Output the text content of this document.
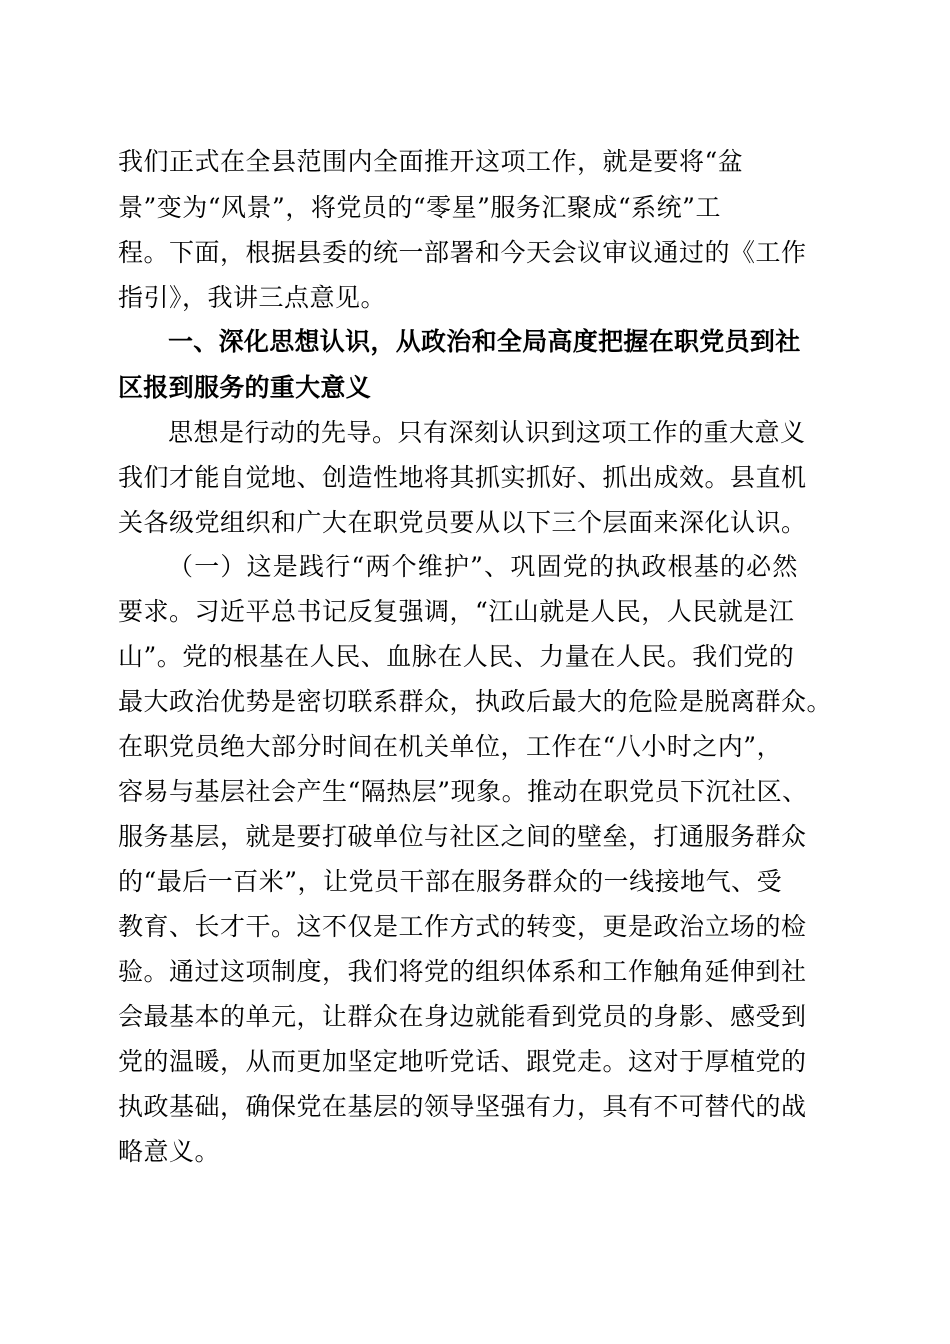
我们正式在全县范围内全面推开这项工作，就是要将“盆
景”变为“风景”，将党员的“零星”服务汇聚成“系统”工
程。下面，根据县委的统一部署和今天会议审议通过的《工作
指引》，我讲三点意见。
一、深化思想认识，从政治和全局高度把握在职党员到社
区报到服务的重大意义
思想是行动的先导。只有深刻认识到这项工作的重大意义
我们才能自觉地、创造性地将其抓实抓好、抓出成效。县直机
关各级党组织和广大在职党员要从以下三个层面来深化认识。
（一）这是践行“两个维护”、巩固党的执政根基的必然
要求。习近平总书记反复强调，“江山就是人民，人民就是江
山”。党的根基在人民、血脉在人民、力量在人民。我们党的
最大政治优势是密切联系群众，执政后最大的危险是脱离群众。
在职党员绝大部分时间在机关单位，工作在“八小时之内”，
容易与基层社会产生“隔热层”现象。推动在职党员下沉社区、
服务基层，就是要打破单位与社区之间的壁垒，打通服务群众
的“最后一百米”，让党员干部在服务群众的一线接地气、受
教育、长才干。这不仅是工作方式的转变，更是政治立场的检
验。通过这项制度，我们将党的组织体系和工作触角延伸到社
会最基本的单元，让群众在身边就能看到党员的身影、感受到
党的温暖，从而更加坚定地听党话、跟党走。这对于厚植党的
执政基础，确保党在基层的领导坚强有力，具有不可替代的战
略意义。
